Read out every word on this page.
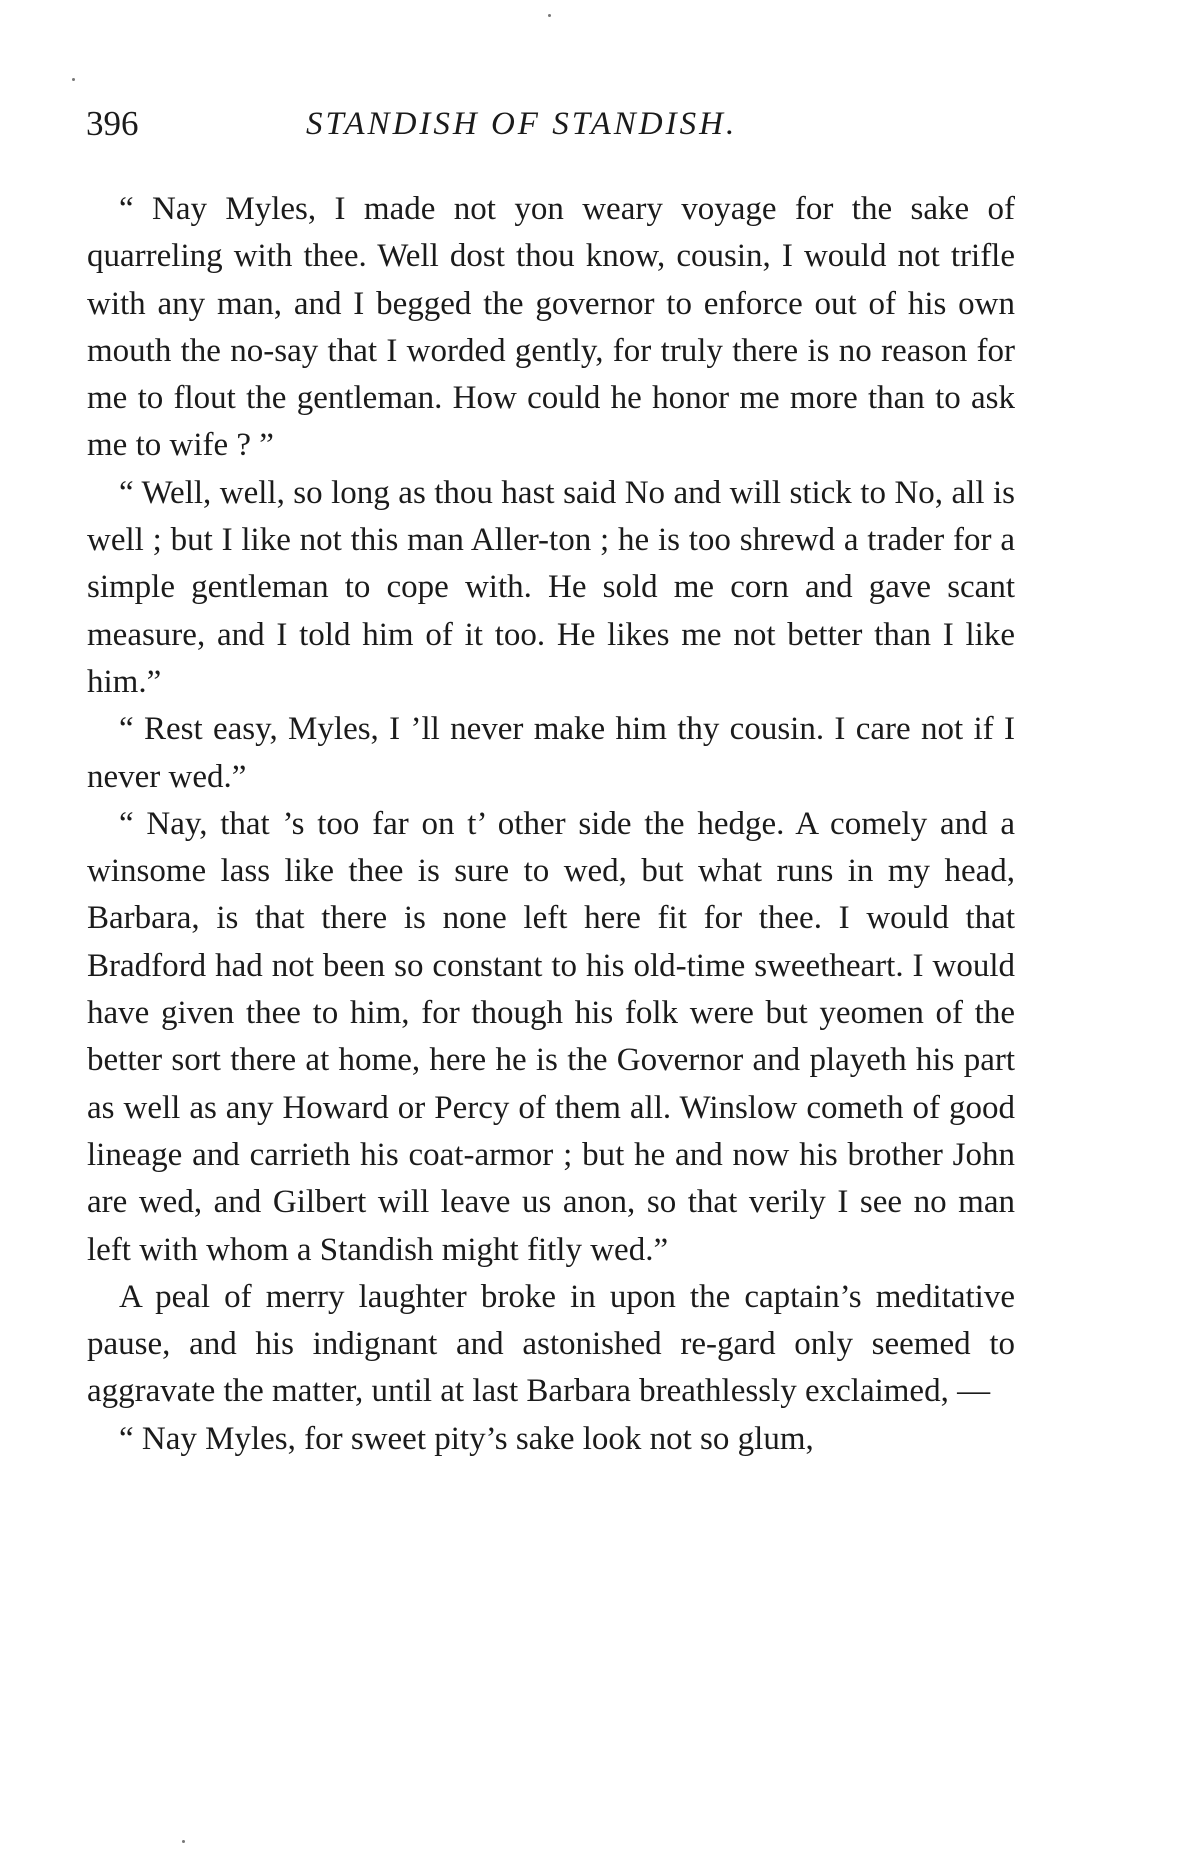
396	STANDISH OF STANDISH.

“ Nay Myles, I made not yon weary voyage for the sake of quarreling with thee. Well dost thou know, cousin, I would not trifle with any man, and I begged the governor to enforce out of his own mouth the no-say that I worded gently, for truly there is no reason for me to flout the gentleman. How could he honor me more than to ask me to wife ? ”

“ Well, well, so long as thou hast said No and will stick to No, all is well ; but I like not this man Aller-ton ; he is too shrewd a trader for a simple gentleman to cope with. He sold me corn and gave scant measure, and I told him of it too. He likes me not better than I like him.”

“ Rest easy, Myles, I ’ll never make him thy cousin. I care not if I never wed.”

“ Nay, that ’s too far on t’ other side the hedge. A comely and a winsome lass like thee is sure to wed, but what runs in my head, Barbara, is that there is none left here fit for thee. I would that Bradford had not been so constant to his old-time sweetheart. I would have given thee to him, for though his folk were but yeomen of the better sort there at home, here he is the Governor and playeth his part as well as any Howard or Percy of them all. Winslow cometh of good lineage and carrieth his coat-armor ; but he and now his brother John are wed, and Gilbert will leave us anon, so that verily I see no man left with whom a Standish might fitly wed.”

A peal of merry laughter broke in upon the captain’s meditative pause, and his indignant and astonished re-gard only seemed to aggravate the matter, until at last Barbara breathlessly exclaimed, —

“ Nay Myles, for sweet pity’s sake look not so glum,
